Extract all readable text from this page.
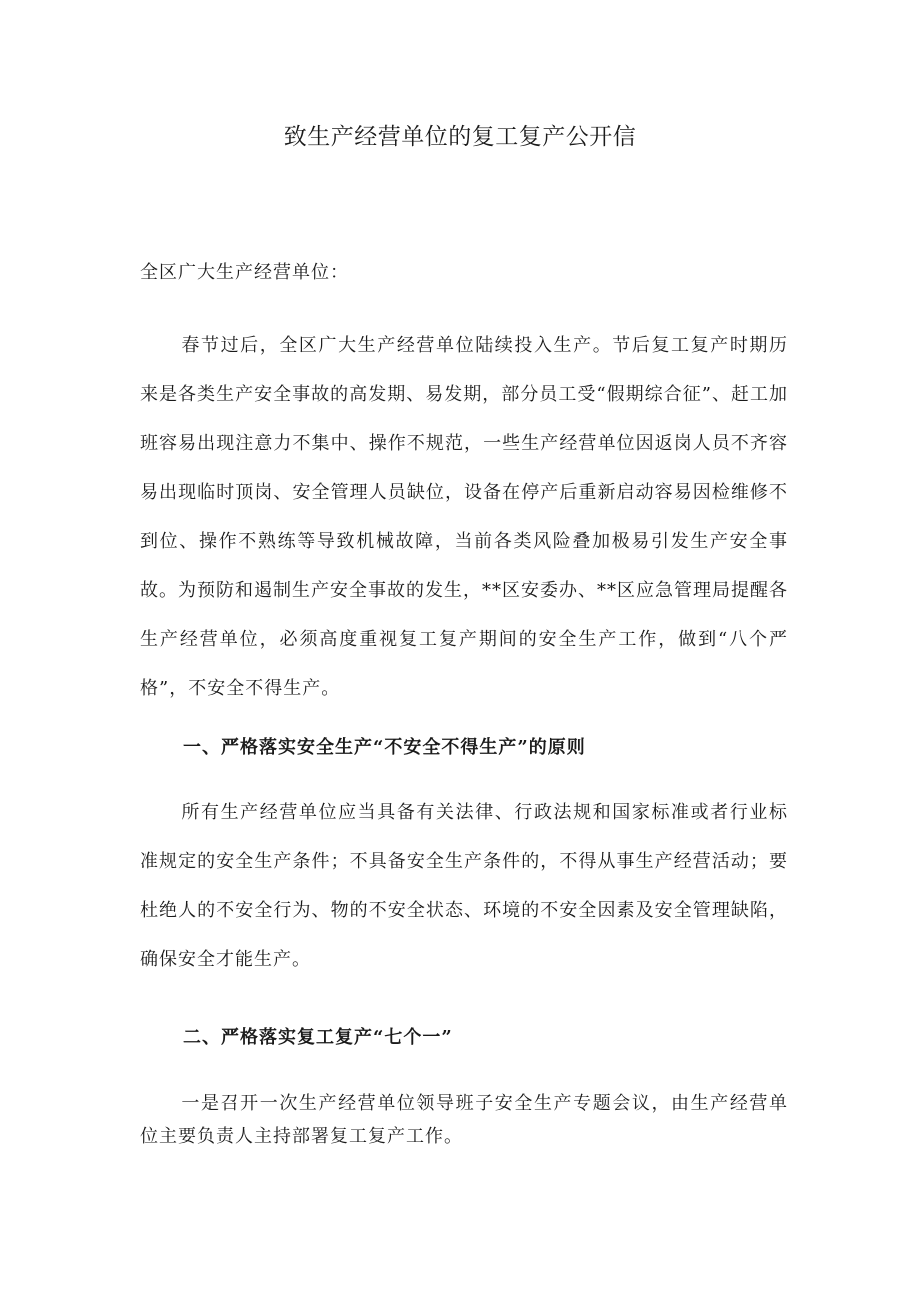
致生产经营单位的复工复产公开信
全区广大生产经营单位：

春节过后，全区广大生产经营单位陆续投入生产。节后复工复产时期历来是各类生产安全事故的高发期、易发期，部分员工受“假期综合征”、赶工加班容易出现注意力不集中、操作不规范，一些生产经营单位因返岗人员不齐容易出现临时顶岗、安全管理人员缺位，设备在停产后重新启动容易因检维修不到位、操作不熟练等导致机械故障，当前各类风险叠加极易引发生产安全事故。为预防和遏制生产安全事故的发生，**区安委办、**区应急管理局提醒各生产经营单位，必须高度重视复工复产期间的安全生产工作，做到“八个严格”，不安全不得生产。

一、严格落实安全生产“不安全不得生产”的原则

所有生产经营单位应当具备有关法律、行政法规和国家标准或者行业标准规定的安全生产条件；不具备安全生产条件的，不得从事生产经营活动；要杜绝人的不安全行为、物的不安全状态、环境的不安全因素及安全管理缺陷，确保安全才能生产。

二、严格落实复工复产“七个一”

一是召开一次生产经营单位领导班子安全生产专题会议，由生产经营单位主要负责人主持部署复工复产工作。
